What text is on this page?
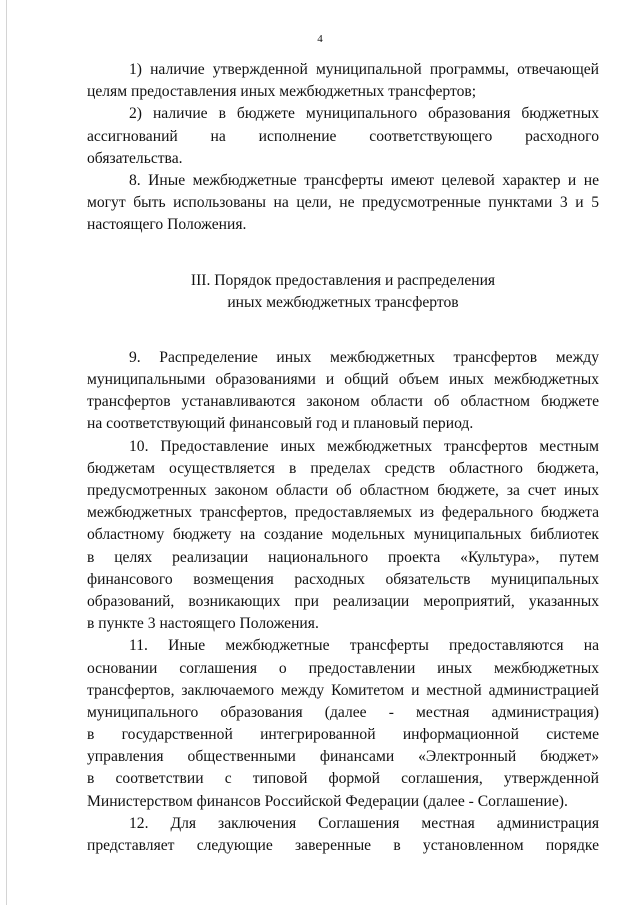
4
1) наличие утвержденной муниципальной программы, отвечающей
целям предоставления иных межбюджетных трансфертов;
2) наличие в бюджете муниципального образования бюджетных
ассигнований на исполнение соответствующего расходного
обязательства.
8. Иные межбюджетные трансферты имеют целевой характер и не
могут быть использованы на цели, не предусмотренные пунктами 3 и 5
настоящего Положения.
III. Порядок предоставления и распределения
иных межбюджетных трансфертов
9. Распределение иных межбюджетных трансфертов между
муниципальными образованиями и общий объем иных межбюджетных
трансфертов устанавливаются законом области об областном бюджете
на соответствующий финансовый год и плановый период.
10. Предоставление иных межбюджетных трансфертов местным
бюджетам осуществляется в пределах средств областного бюджета,
предусмотренных законом области об областном бюджете, за счет иных
межбюджетных трансфертов, предоставляемых из федерального бюджета
областному бюджету на создание модельных муниципальных библиотек
в целях реализации национального проекта «Культура», путем
финансового возмещения расходных обязательств муниципальных
образований, возникающих при реализации мероприятий, указанных
в пункте 3 настоящего Положения.
11. Иные межбюджетные трансферты предоставляются на
основании соглашения о предоставлении иных межбюджетных
трансфертов, заключаемого между Комитетом и местной администрацией
муниципального образования (далее - местная администрация)
в государственной интегрированной информационной системе
управления общественными финансами «Электронный бюджет»
в соответствии с типовой формой соглашения, утвержденной
Министерством финансов Российской Федерации (далее - Соглашение).
12. Для заключения Соглашения местная администрация
представляет следующие заверенные в установленном порядке
